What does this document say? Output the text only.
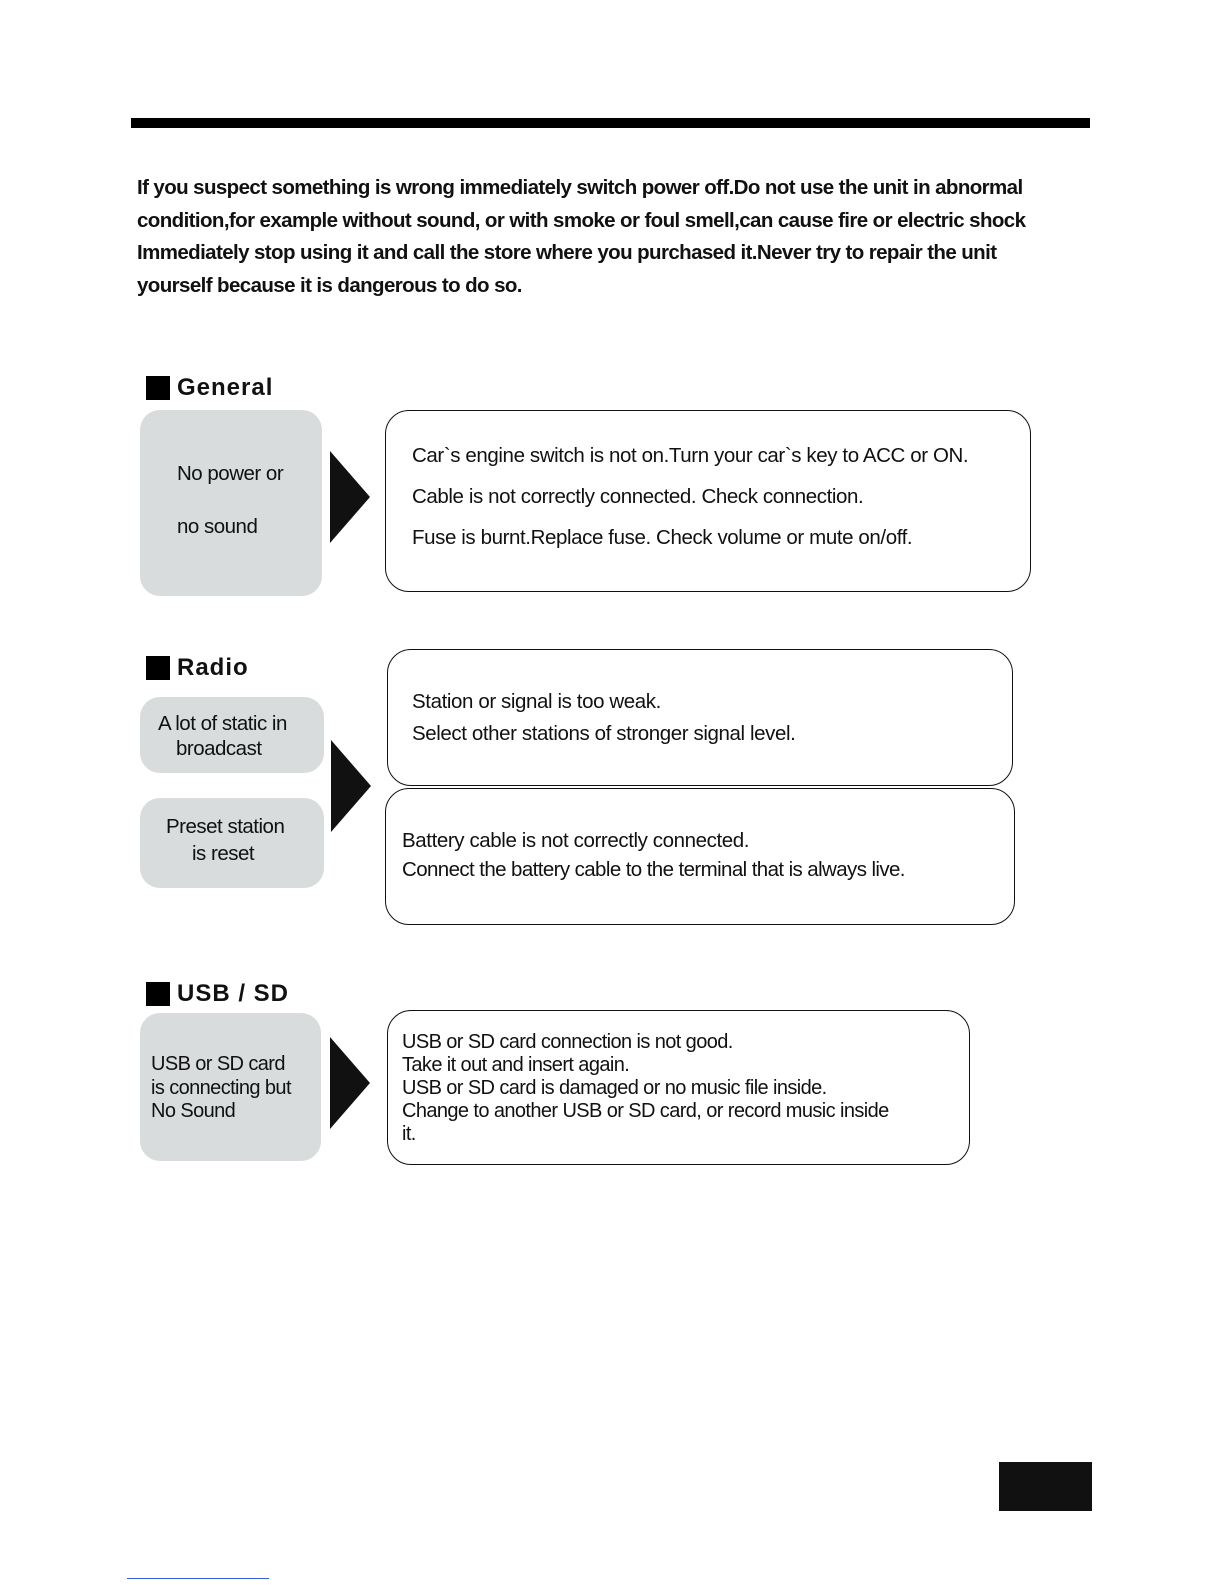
If you suspect something is wrong immediately switch power off.Do not use the unit in abnormal
condition,for example without sound, or with smoke or foul smell,can cause fire or electric shock
Immediately stop using it and call the store where you purchased it.Never try to repair the unit
yourself because it is dangerous to do so.

General
No power or
no sound
Car`s engine switch is not on.Turn your car`s key to ACC or ON.
Cable is not correctly connected. Check connection.
Fuse is burnt.Replace fuse. Check volume or mute on/off.
Radio
A lot of static in
broadcast
Preset station
is reset
Station or signal is too weak.
Select other stations of stronger signal level.
Battery cable is not correctly connected.
Connect the battery cable to the terminal that is always live.
USB / SD
USB or SD card
is connecting but
No Sound
USB or SD card connection is not good.
Take it out and insert again.
USB or SD card is damaged or no music file inside.
Change to another USB or SD card, or record music inside
it.
